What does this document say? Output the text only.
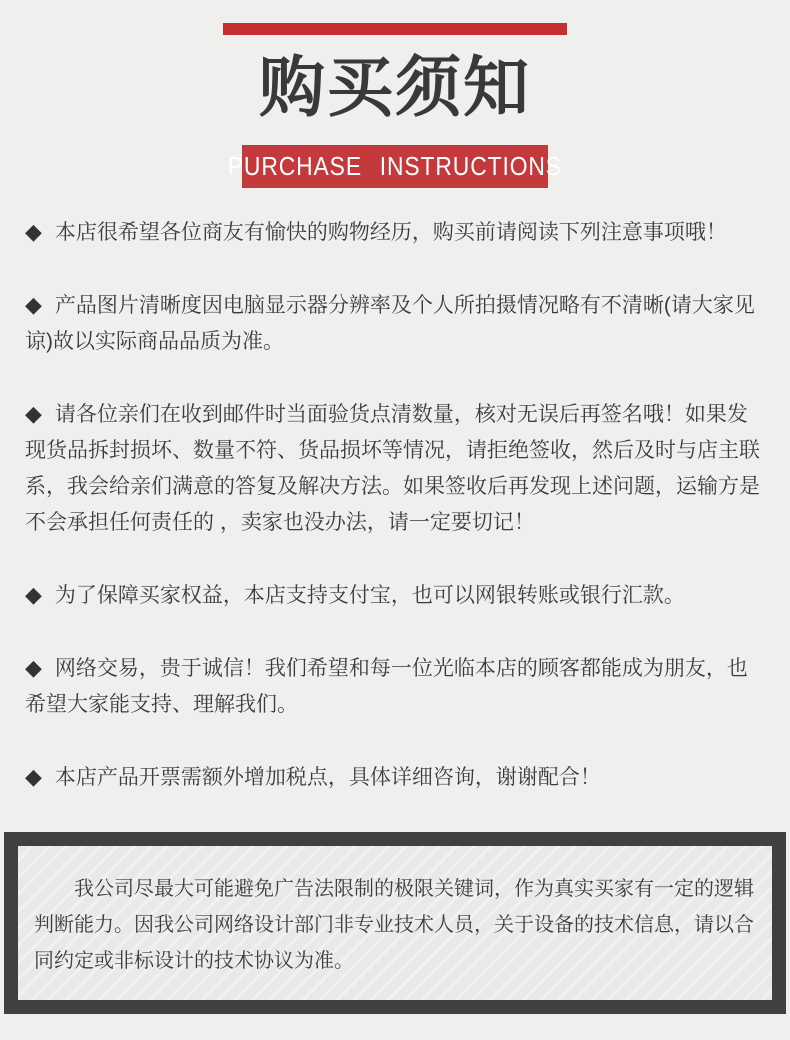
购买须知
PURCHASE INSTRUCTIONS

◆ 本店很希望各位商友有愉快的购物经历，购买前请阅读下列注意事项哦！

◆ 产品图片清晰度因电脑显示器分辨率及个人所拍摄情况略有不清晰(请大家见谅)故以实际商品品质为准。

◆ 请各位亲们在收到邮件时当面验货点清数量，核对无误后再签名哦！如果发现货品拆封损坏、数量不符、货品损坏等情况，请拒绝签收，然后及时与店主联系，我会给亲们满意的答复及解决方法。如果签收后再发现上述问题，运输方是不会承担任何责任的 ，卖家也没办法，请一定要切记！

◆ 为了保障买家权益，本店支持支付宝，也可以网银转账或银行汇款。

◆ 网络交易，贵于诚信！我们希望和每一位光临本店的顾客都能成为朋友，也希望大家能支持、理解我们。

◆ 本店产品开票需额外增加税点，具体详细咨询，谢谢配合！

我公司尽最大可能避免广告法限制的极限关键词，作为真实买家有一定的逻辑判断能力。因我公司网络设计部门非专业技术人员，关于设备的技术信息，请以合同约定或非标设计的技术协议为准。
